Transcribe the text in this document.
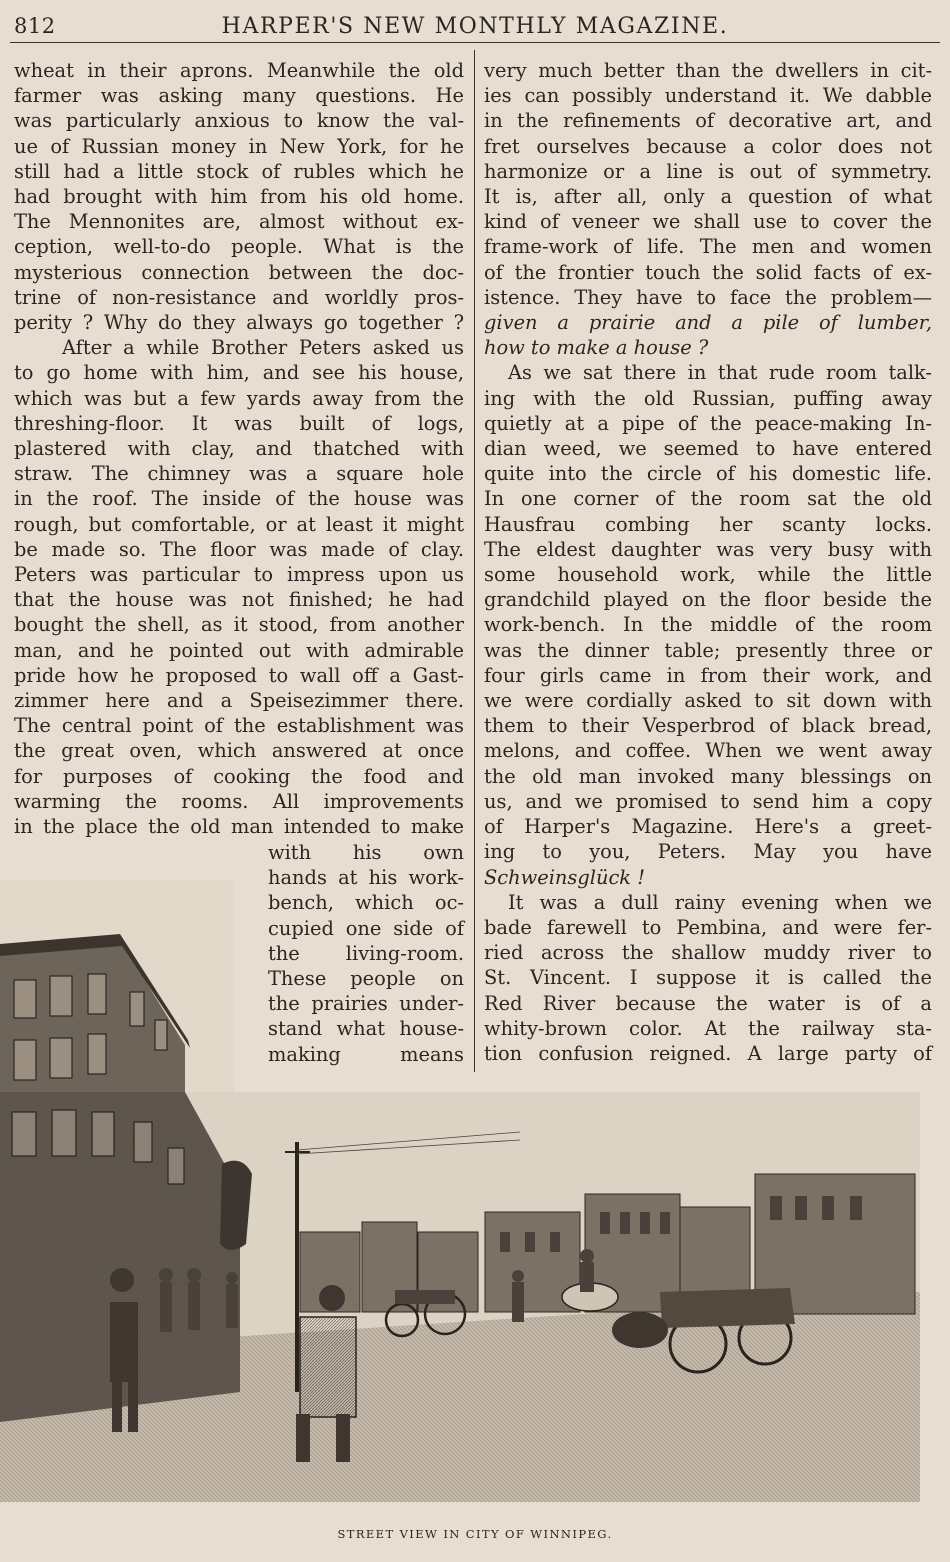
812	HARPER'S NEW MONTHLY MAGAZINE.
wheat in their aprons. Meanwhile the old
farmer was asking many questions. He
was particularly anxious to know the val-
ue of Russian money in New York, for he
still had a little stock of rubles which he
had brought with him from his old home.
The Mennonites are, almost without ex-
ception, well-to-do people. What is the
mysterious connection between the doc-
trine of non-resistance and worldly pros-
perity ? Why do they always go together ?
After a while Brother Peters asked us
to go home with him, and see his house,
which was but a few yards away from the
threshing-floor. It was built of logs,
plastered with clay, and thatched with
straw. The chimney was a square hole
in the roof. The inside of the house was
rough, but comfortable, or at least it might
be made so. The floor was made of clay.
Peters was particular to impress upon us
that the house was not finished; he had
bought the shell, as it stood, from another
man, and he pointed out with admirable
pride how he proposed to wall off a Gast-
zimmer here and a Speisezimmer there.
The central point of the establishment was
the great oven, which answered at once
for purposes of cooking the food and
warming the rooms. All improvements
in the place the old man intended to make
with his own
hands at his work-
bench, which oc-
cupied one side of
the living-room.
These people on
the prairies under-
stand what house-
making means
very much better than the dwellers in cit-
ies can possibly understand it. We dabble
in the refinements of decorative art, and
fret ourselves because a color does not
harmonize or a line is out of symmetry.
It is, after all, only a question of what
kind of veneer we shall use to cover the
frame-work of life. The men and women
of the frontier touch the solid facts of ex-
istence. They have to face the problem—
given a prairie and a pile of lumber,
how to make a house ?
As we sat there in that rude room talk-
ing with the old Russian, puffing away
quietly at a pipe of the peace-making In-
dian weed, we seemed to have entered
quite into the circle of his domestic life.
In one corner of the room sat the old
Hausfrau combing her scanty locks.
The eldest daughter was very busy with
some household work, while the little
grandchild played on the floor beside the
work-bench. In the middle of the room
was the dinner table; presently three or
four girls came in from their work, and
we were cordially asked to sit down with
them to their Vesperbrod of black bread,
melons, and coffee. When we went away
the old man invoked many blessings on
us, and we promised to send him a copy
of Harper's Magazine. Here's a greet-
ing to you, Peters. May you have
Schweinsglück !
It was a dull rainy evening when we
bade farewell to Pembina, and were fer-
ried across the shallow muddy river to
St. Vincent. I suppose it is called the
Red River because the water is of a
whity-brown color. At the railway sta-
tion confusion reigned. A large party of
STREET VIEW IN CITY OF WINNIPEG.
